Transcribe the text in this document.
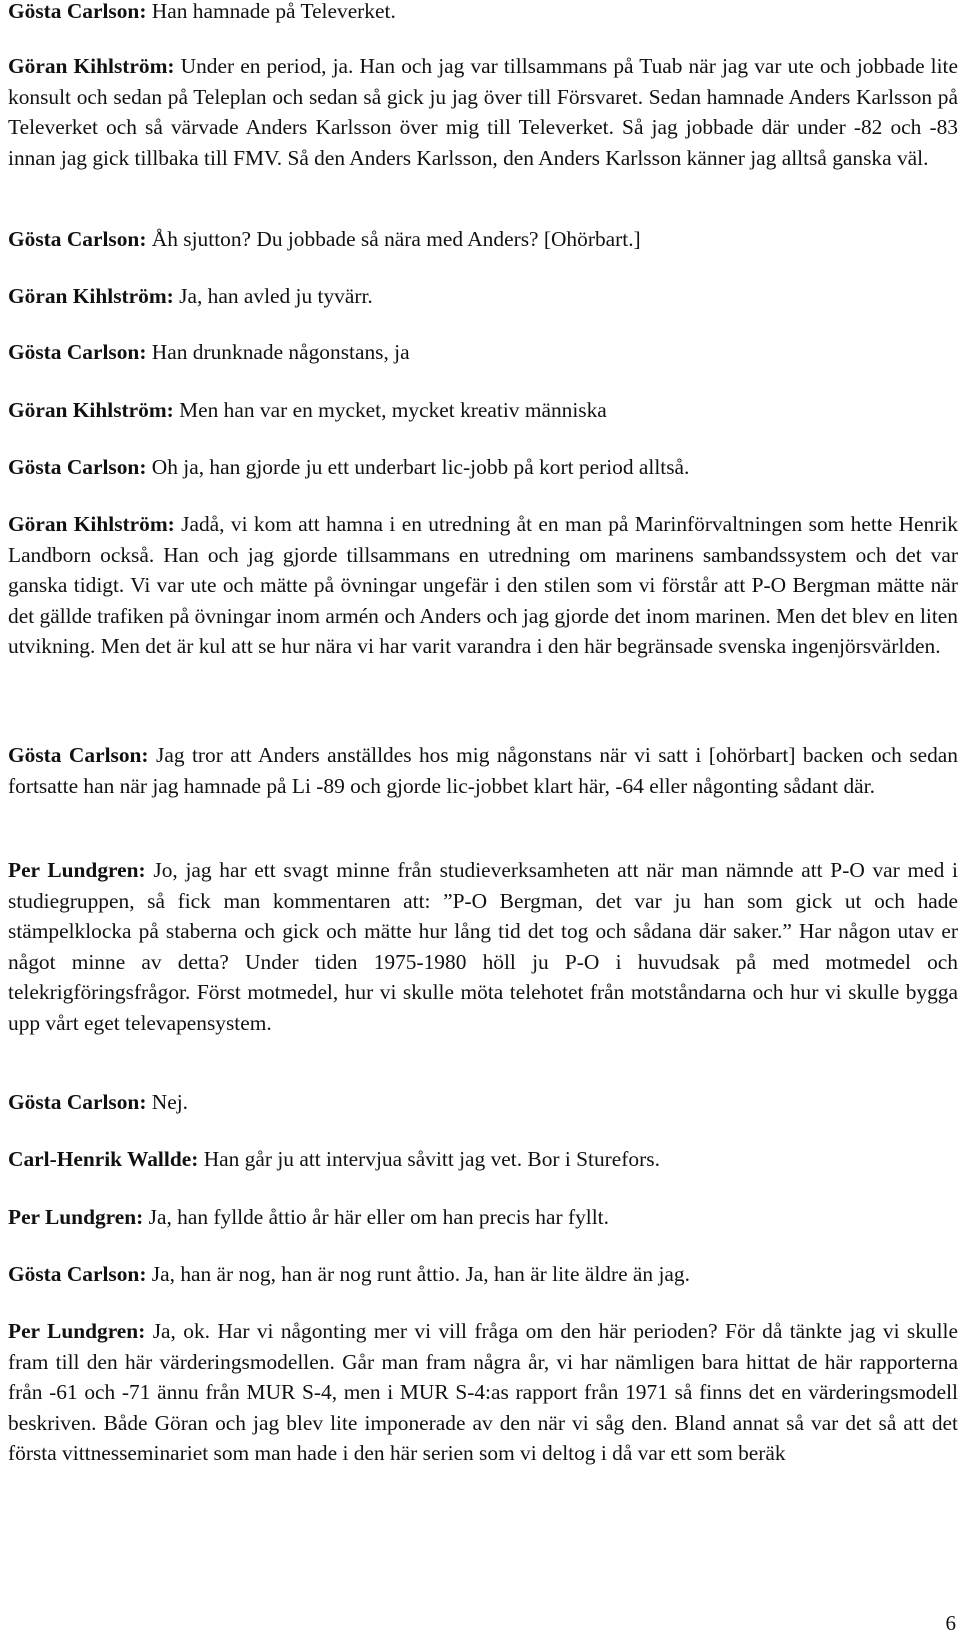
Gösta Carlson: Han hamnade på Televerket.

Göran Kihlström: Under en period, ja. Han och jag var tillsammans på Tuab när jag var ute och jobbade lite konsult och sedan på Teleplan och sedan så gick ju jag över till Försvaret. Sedan hamnade Anders Karlsson på Televerket och så värvade Anders Karlsson över mig till Televerket. Så jag jobbade där under -82 och -83 innan jag gick tillbaka till FMV. Så den Anders Karlsson, den Anders Karlsson känner jag alltså ganska väl.

Gösta Carlson: Åh sjutton? Du jobbade så nära med Anders? [Ohörbart.]

Göran Kihlström: Ja, han avled ju tyvärr.

Gösta Carlson: Han drunknade någonstans, ja

Göran Kihlström: Men han var en mycket, mycket kreativ människa

Gösta Carlson: Oh ja, han gjorde ju ett underbart lic-jobb på kort period alltså.

Göran Kihlström: Jadå, vi kom att hamna i en utredning åt en man på Marinförvaltningen som hette Henrik Landborn också. Han och jag gjorde tillsammans en utredning om marinens sambandssystem och det var ganska tidigt. Vi var ute och mätte på övningar ungefär i den stilen som vi förstår att P-O Bergman mätte när det gällde trafiken på övningar inom armén och Anders och jag gjorde det inom marinen. Men det blev en liten utvikning. Men det är kul att se hur nära vi har varit varandra i den här begränsade svenska ingenjörsvärlden.

Gösta Carlson: Jag tror att Anders anställdes hos mig någonstans när vi satt i [ohörbart] backen och sedan fortsatte han när jag hamnade på Li -89 och gjorde lic-jobbet klart här, -64 eller någonting sådant där.

Per Lundgren: Jo, jag har ett svagt minne från studieverksamheten att när man nämnde att P-O var med i studiegruppen, så fick man kommentaren att: ”P-O Bergman, det var ju han som gick ut och hade stämpelklocka på staberna och gick och mätte hur lång tid det tog och sådana där saker.” Har någon utav er något minne av detta? Under tiden 1975-1980 höll ju P-O i huvudsak på med motmedel och telekrigföringsfrågor. Först motmedel, hur vi skulle möta telehotet från motståndarna och hur vi skulle bygga upp vårt eget televapensystem.

Gösta Carlson: Nej.

Carl-Henrik Wallde: Han går ju att intervjua såvitt jag vet. Bor i Sturefors.

Per Lundgren: Ja, han fyllde åttio år här eller om han precis har fyllt.

Gösta Carlson: Ja, han är nog, han är nog runt åttio. Ja, han är lite äldre än jag.

Per Lundgren: Ja, ok. Har vi någonting mer vi vill fråga om den här perioden? För då tänkte jag vi skulle fram till den här värderingsmodellen. Går man fram några år, vi har nämligen bara hittat de här rapporterna från -61 och -71 ännu från MUR S-4, men i MUR S-4:as rapport från 1971 så finns det en värderingsmodell beskriven. Både Göran och jag blev lite imponerade av den när vi såg den. Bland annat så var det så att det första vittnesseminariet som man hade i den här serien som vi deltog i då var ett som beräk

6
